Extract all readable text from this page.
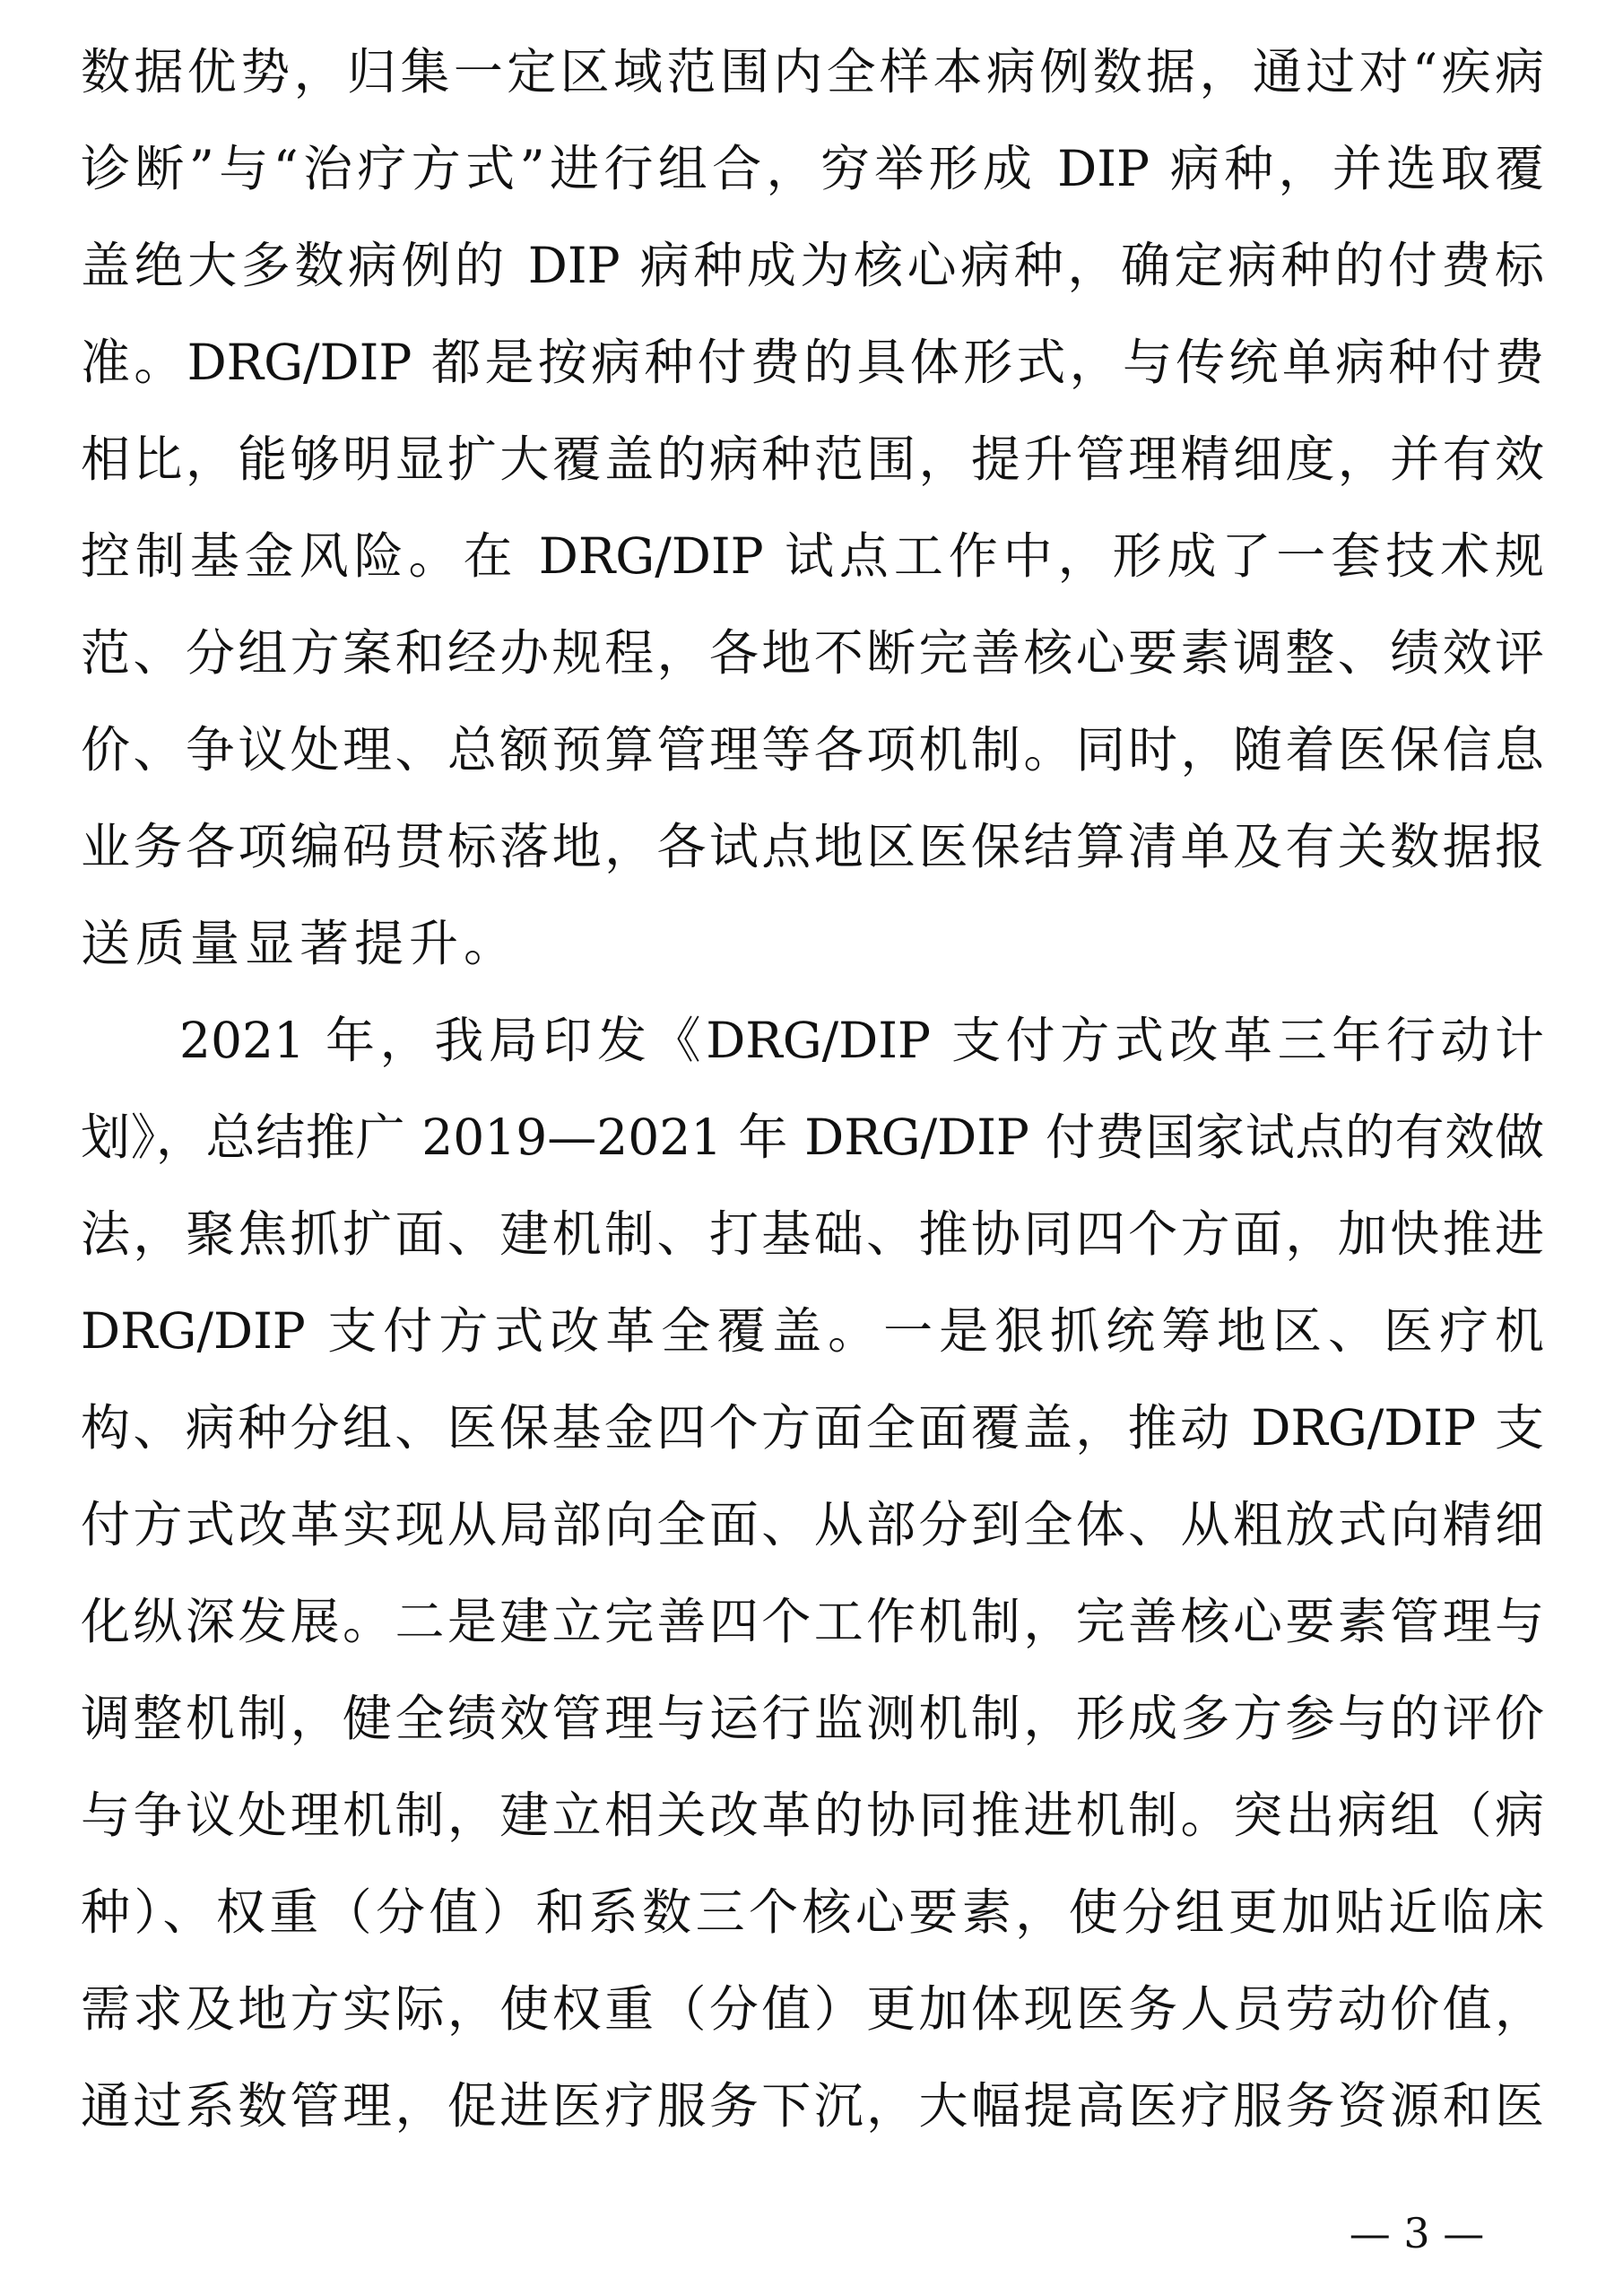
数据优势，归集一定区域范围内全样本病例数据，通过对“疾病
诊断”与“治疗方式”进行组合，穷举形成 DIP 病种，并选取覆
盖绝大多数病例的 DIP 病种成为核心病种，确定病种的付费标
准。DRG/DIP 都是按病种付费的具体形式，与传统单病种付费
相比，能够明显扩大覆盖的病种范围，提升管理精细度，并有效
控制基金风险。在 DRG/DIP 试点工作中，形成了一套技术规
范、分组方案和经办规程，各地不断完善核心要素调整、绩效评
价、争议处理、总额预算管理等各项机制。同时，随着医保信息
业务各项编码贯标落地，各试点地区医保结算清单及有关数据报
送质量显著提升。
2021 年，我局印发《DRG/DIP 支付方式改革三年行动计
划》，总结推广 2019—2021 年 DRG/DIP 付费国家试点的有效做
法，聚焦抓扩面、建机制、打基础、推协同四个方面，加快推进
DRG/DIP 支付方式改革全覆盖。一是狠抓统筹地区、医疗机
构、病种分组、医保基金四个方面全面覆盖，推动 DRG/DIP 支
付方式改革实现从局部向全面、从部分到全体、从粗放式向精细
化纵深发展。二是建立完善四个工作机制，完善核心要素管理与
调整机制，健全绩效管理与运行监测机制，形成多方参与的评价
与争议处理机制，建立相关改革的协同推进机制。突出病组（病
种）、权重（分值）和系数三个核心要素，使分组更加贴近临床
需求及地方实际，使权重（分值）更加体现医务人员劳动价值，
通过系数管理，促进医疗服务下沉，大幅提高医疗服务资源和医
— 3 —
